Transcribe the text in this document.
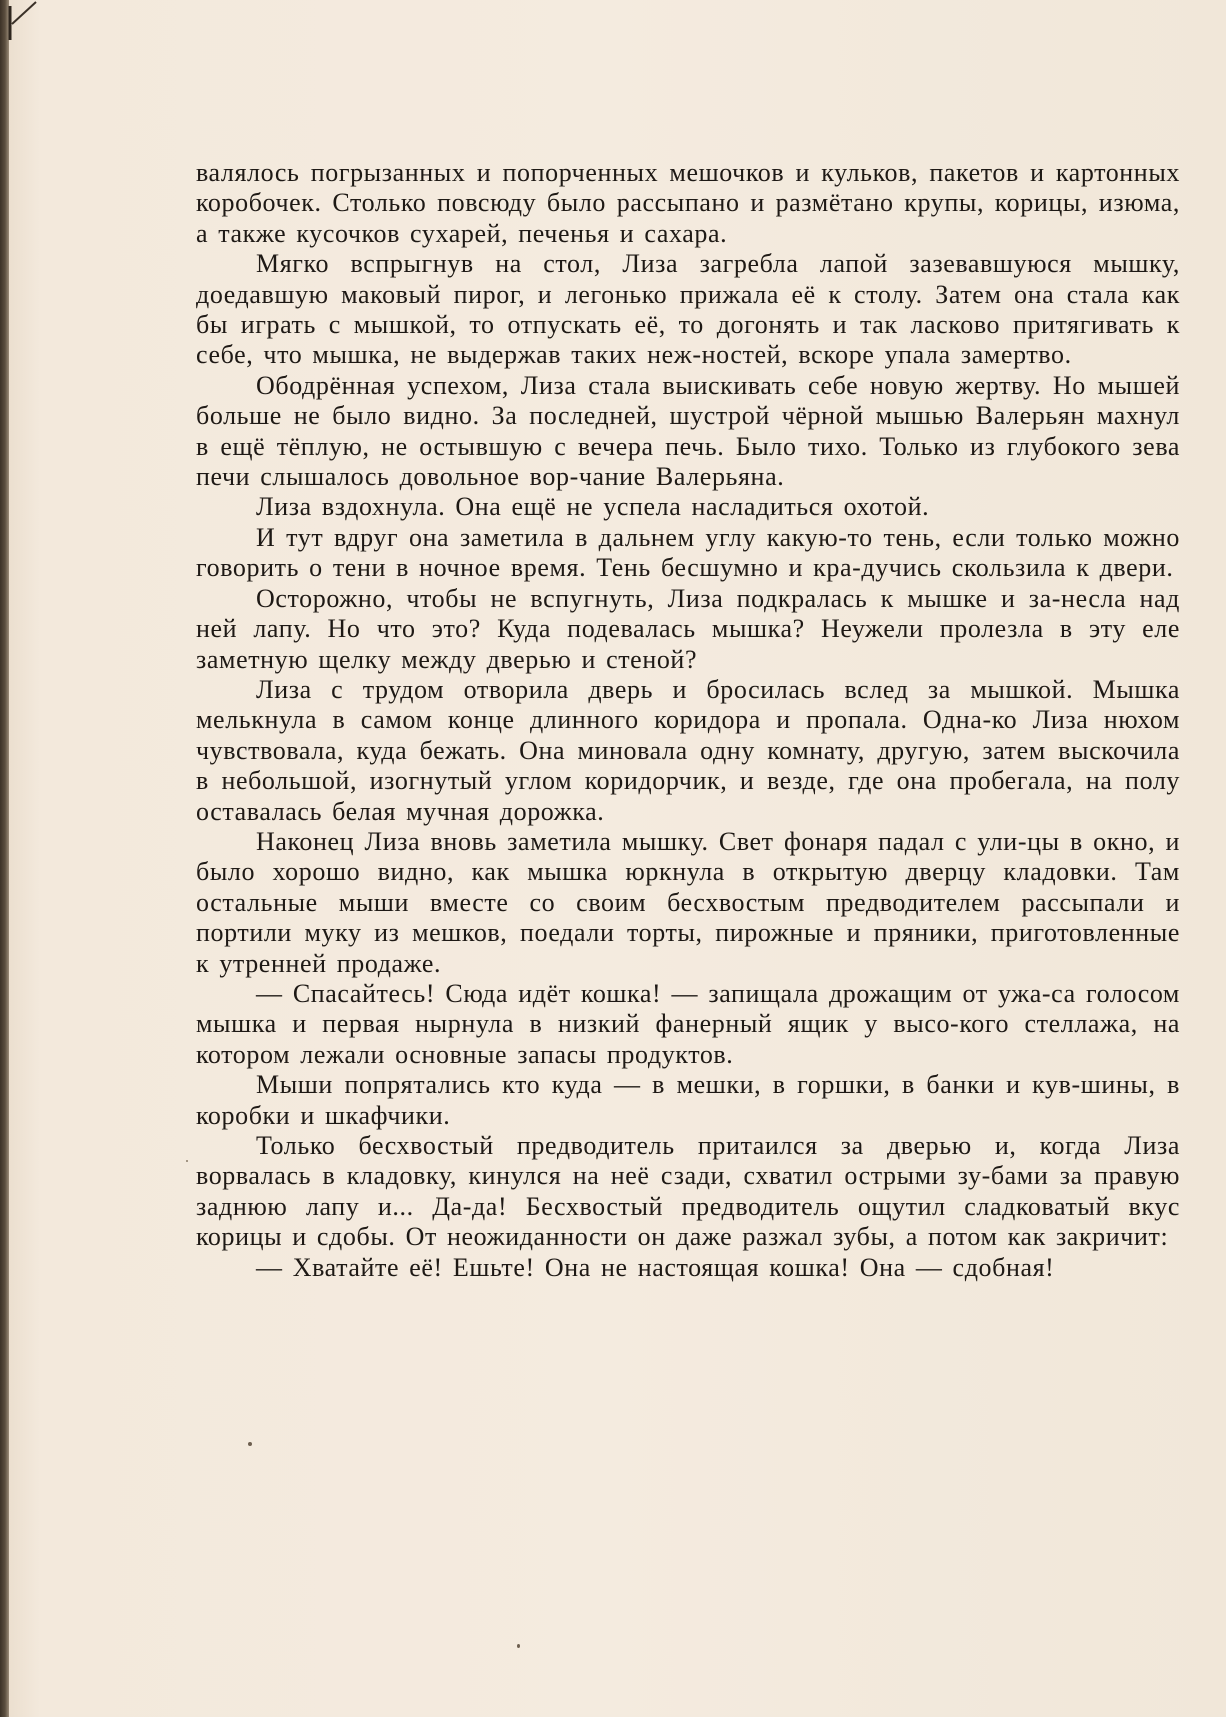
валялось погрызанных и попорченных мешочков и кульков, пакетов и картонных коробочек. Столько повсюду было рассыпано и размётано крупы, корицы, изюма, а также кусочков сухарей, печенья и сахара.

Мягко вспрыгнув на стол, Лиза загребла лапой зазевавшуюся мышку, доедавшую маковый пирог, и легонько прижала её к столу. Затем она стала как бы играть с мышкой, то отпускать её, то догонять и так ласково притягивать к себе, что мышка, не выдержав таких неж-ностей, вскоре упала замертво.

Ободрённая успехом, Лиза стала выискивать себе новую жертву. Но мышей больше не было видно. За последней, шустрой чёрной мышью Валерьян махнул в ещё тёплую, не остывшую с вечера печь. Было тихо. Только из глубокого зева печи слышалось довольное вор-чание Валерьяна.

Лиза вздохнула. Она ещё не успела насладиться охотой.

И тут вдруг она заметила в дальнем углу какую-то тень, если только можно говорить о тени в ночное время. Тень бесшумно и кра-дучись скользила к двери.

Осторожно, чтобы не вспугнуть, Лиза подкралась к мышке и за-несла над ней лапу. Но что это? Куда подевалась мышка? Неужели пролезла в эту еле заметную щелку между дверью и стеной?

Лиза с трудом отворила дверь и бросилась вслед за мышкой. Мышка мелькнула в самом конце длинного коридора и пропала. Одна-ко Лиза нюхом чувствовала, куда бежать. Она миновала одну комнату, другую, затем выскочила в небольшой, изогнутый углом коридорчик, и везде, где она пробегала, на полу оставалась белая мучная дорожка.

Наконец Лиза вновь заметила мышку. Свет фонаря падал с ули-цы в окно, и было хорошо видно, как мышка юркнула в открытую дверцу кладовки. Там остальные мыши вместе со своим бесхвостым предводителем рассыпали и портили муку из мешков, поедали торты, пирожные и пряники, приготовленные к утренней продаже.

— Спасайтесь! Сюда идёт кошка! — запищала дрожащим от ужа-са голосом мышка и первая нырнула в низкий фанерный ящик у высо-кого стеллажа, на котором лежали основные запасы продуктов.

Мыши попрятались кто куда — в мешки, в горшки, в банки и кув-шины, в коробки и шкафчики.

Только бесхвостый предводитель притаился за дверью и, когда Лиза ворвалась в кладовку, кинулся на неё сзади, схватил острыми зу-бами за правую заднюю лапу и... Да-да! Бесхвостый предводитель ощутил сладковатый вкус корицы и сдобы. От неожиданности он даже разжал зубы, а потом как закричит:

— Хватайте её! Ешьте! Она не настоящая кошка! Она — сдобная!
